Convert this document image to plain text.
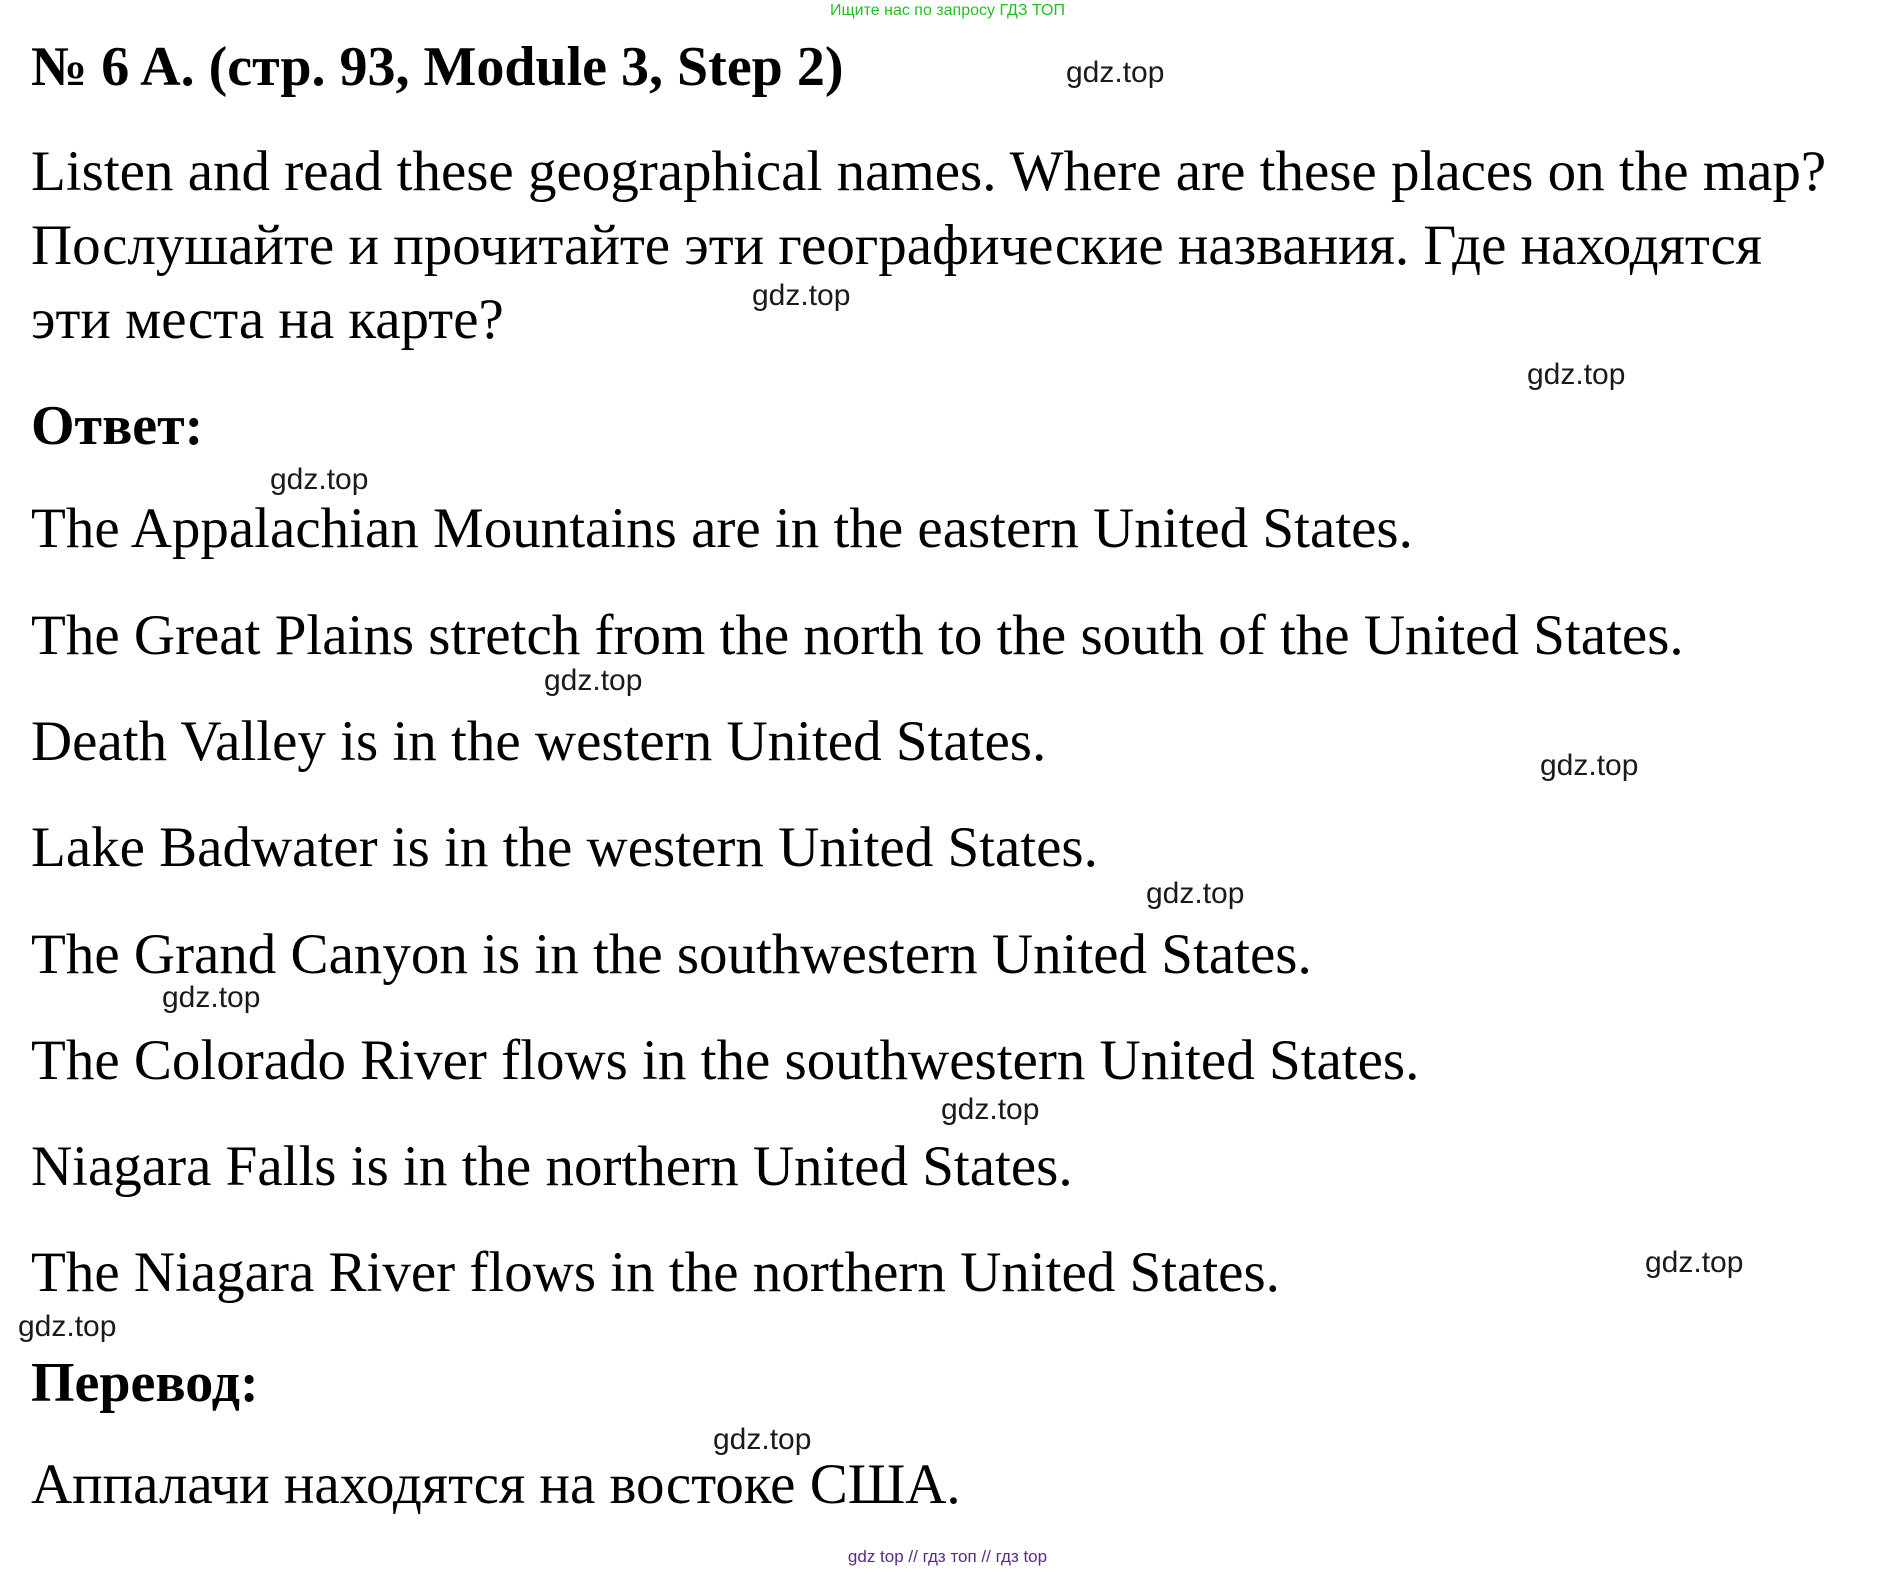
Ищите нас по запросу ГДЗ ТОП
№ 6 A. (стр. 93, Module 3, Step 2)
Listen and read these geographical names. Where are these places on the map?
Послушайте и прочитайте эти географические названия. Где находятся
эти места на карте?
Ответ:
The Appalachian Mountains are in the eastern United States.
The Great Plains stretch from the north to the south of the United States.
Death Valley is in the western United States.
Lake Badwater is in the western United States.
The Grand Canyon is in the southwestern United States.
The Colorado River flows in the southwestern United States.
Niagara Falls is in the northern United States.
The Niagara River flows in the northern United States.
Перевод:
Аппалачи находятся на востоке США.
gdz.top
gdz.top
gdz.top
gdz.top
gdz.top
gdz.top
gdz.top
gdz.top
gdz.top
gdz.top
gdz.top
gdz.top
gdz top // гдз топ // гдз top
